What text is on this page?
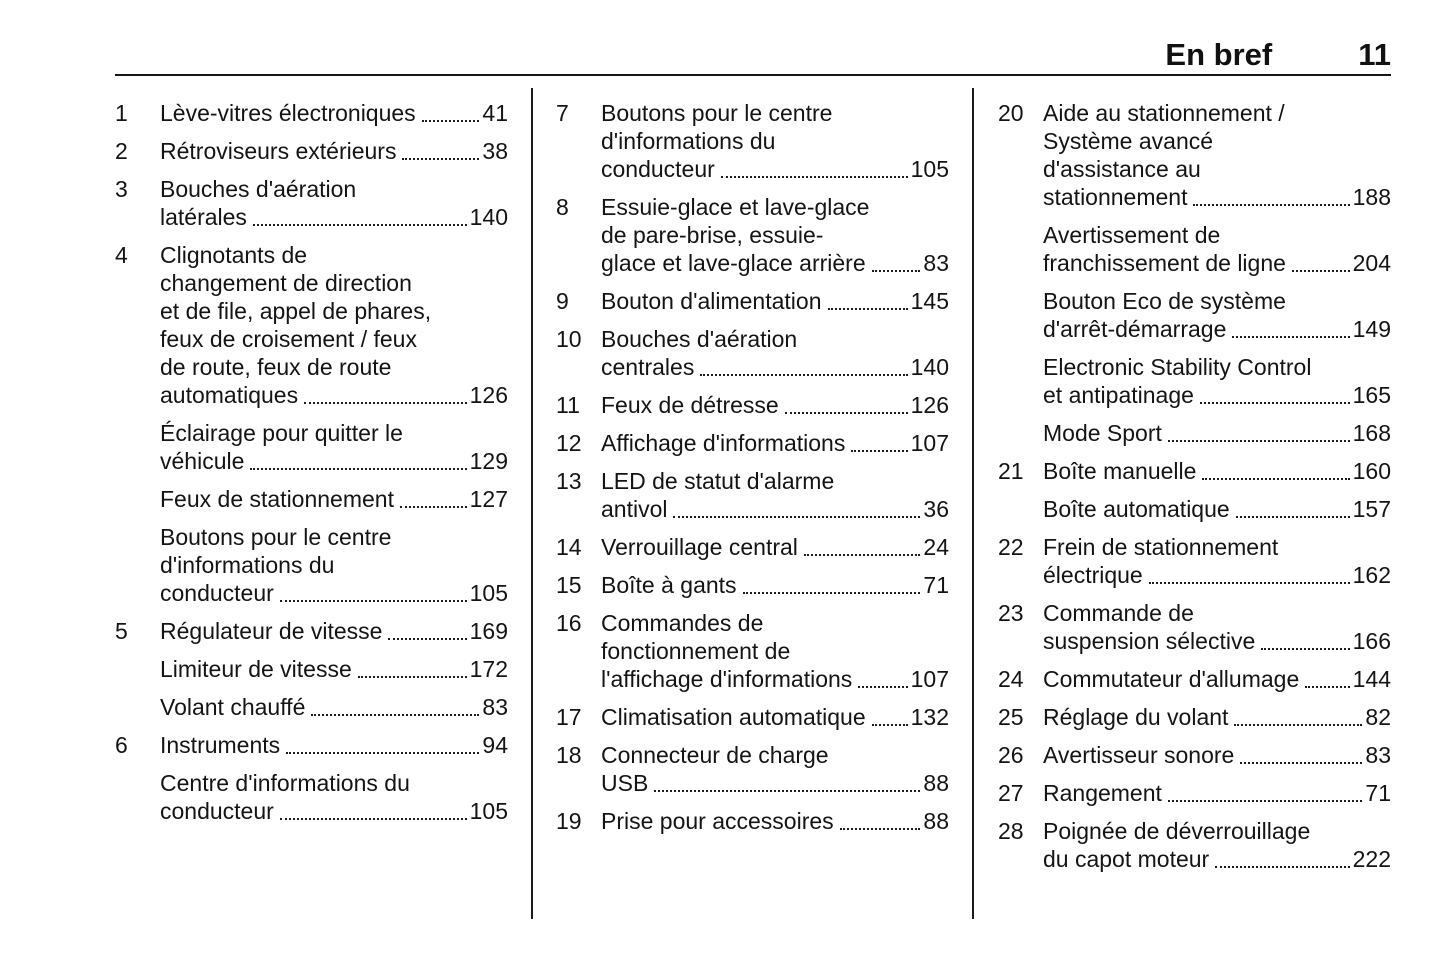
En bref	11
1	Lève-vitres électroniques	41
2	Rétroviseurs extérieurs	38
3	Bouches d'aération
latérales	140
4	Clignotants de
changement de direction
et de file, appel de phares,
feux de croisement / feux
de route, feux de route
automatiques	126
Éclairage pour quitter le
véhicule	129
Feux de stationnement	127
Boutons pour le centre
d'informations du
conducteur	105
5	Régulateur de vitesse	169
Limiteur de vitesse	172
Volant chauffé	83
6	Instruments	94
Centre d'informations du
conducteur	105
7	Boutons pour le centre
d'informations du
conducteur	105
8	Essuie-glace et lave-glace
de pare-brise, essuie-
glace et lave-glace arrière	83
9	Bouton d'alimentation	145
10 Bouches d'aération
centrales	140
11 Feux de détresse	126
12 Affichage d'informations	107
13 LED de statut d'alarme
antivol	36
14 Verrouillage central	24
15 Boîte à gants	71
16 Commandes de
fonctionnement de
l'affichage d'informations	107
17 Climatisation automatique 132
18 Connecteur de charge
USB	88
19 Prise pour accessoires	88
20 Aide au stationnement /
Système avancé
d'assistance au
stationnement	188
Avertissement de
franchissement de ligne	204
Bouton Eco de système
d'arrêt-démarrage	149
Electronic Stability Control
et antipatinage	165
Mode Sport	168
21 Boîte manuelle	160
Boîte automatique	157
22 Frein de stationnement
électrique	162
23 Commande de
suspension sélective	166
24 Commutateur d'allumage 144
25 Réglage du volant	82
26 Avertisseur sonore	83
27 Rangement	71
28 Poignée de déverrouillage
du capot moteur	222
